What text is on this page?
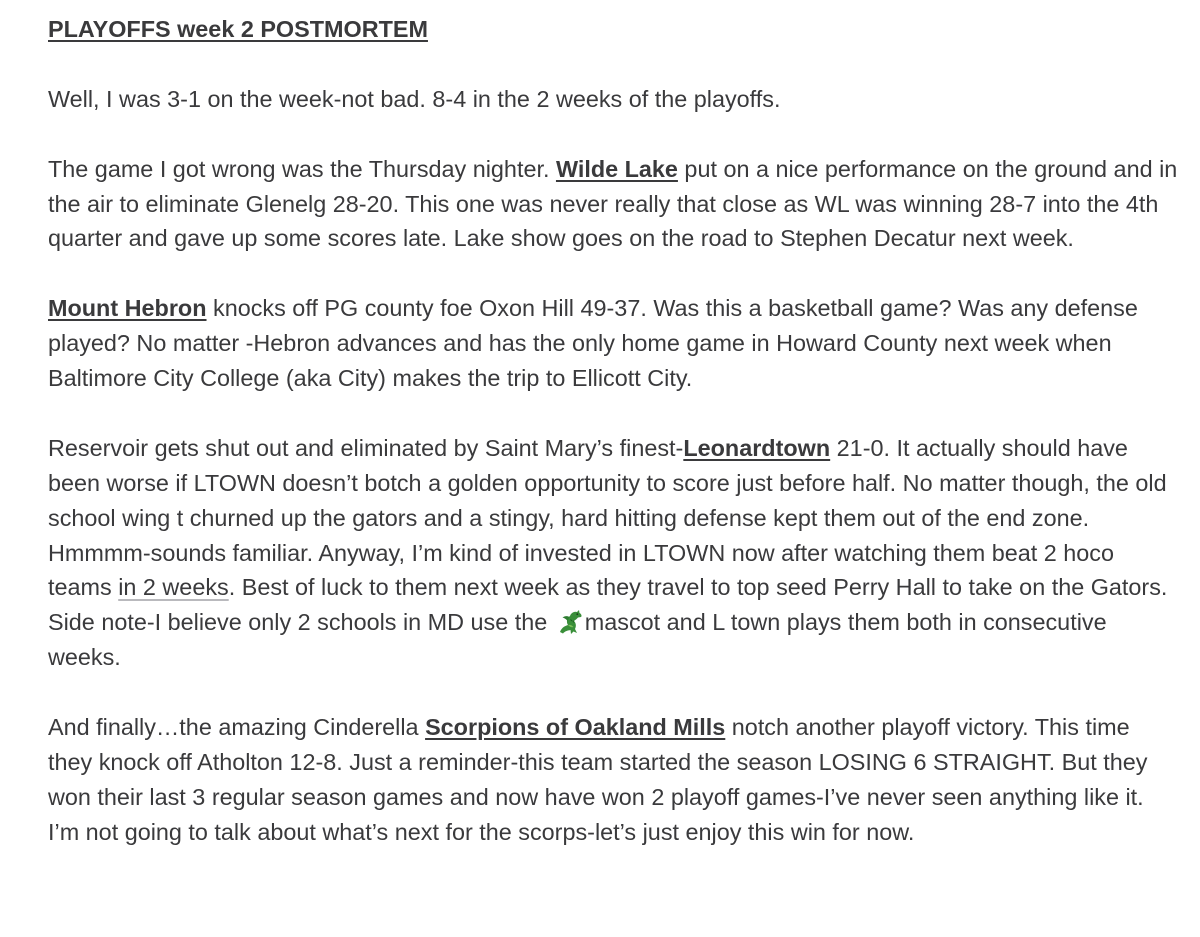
PLAYOFFS week 2 POSTMORTEM

Well, I was 3-1 on the week-not bad. 8-4 in the 2 weeks of the playoffs.

The game I got wrong was the Thursday nighter. Wilde Lake put on a nice performance on the ground and in the air to eliminate Glenelg 28-20. This one was never really that close as WL was winning 28-7 into the 4th quarter and gave up some scores late. Lake show goes on the road to Stephen Decatur next week.

Mount Hebron knocks off PG county foe Oxon Hill 49-37. Was this a basketball game? Was any defense played? No matter -Hebron advances and has the only home game in Howard County next week when Baltimore City College (aka City) makes the trip to Ellicott City.

Reservoir gets shut out and eliminated by Saint Mary’s finest-Leonardtown 21-0. It actually should have been worse if LTOWN doesn’t botch a golden opportunity to score just before half. No matter though, the old school wing t churned up the gators and a stingy, hard hitting defense kept them out of the end zone. Hmmmm-sounds familiar. Anyway, I’m kind of invested in LTOWN now after watching them beat 2 hoco teams in 2 weeks. Best of luck to them next week as they travel to top seed Perry Hall to take on the Gators. Side note-I believe only 2 schools in MD use the mascot and L town plays them both in consecutive weeks.

And finally…the amazing Cinderella Scorpions of Oakland Mills notch another playoff victory. This time they knock off Atholton 12-8. Just a reminder-this team started the season LOSING 6 STRAIGHT. But they won their last 3 regular season games and now have won 2 playoff games-I’ve never seen anything like it. I’m not going to talk about what’s next for the scorps-let’s just enjoy this win for now.
